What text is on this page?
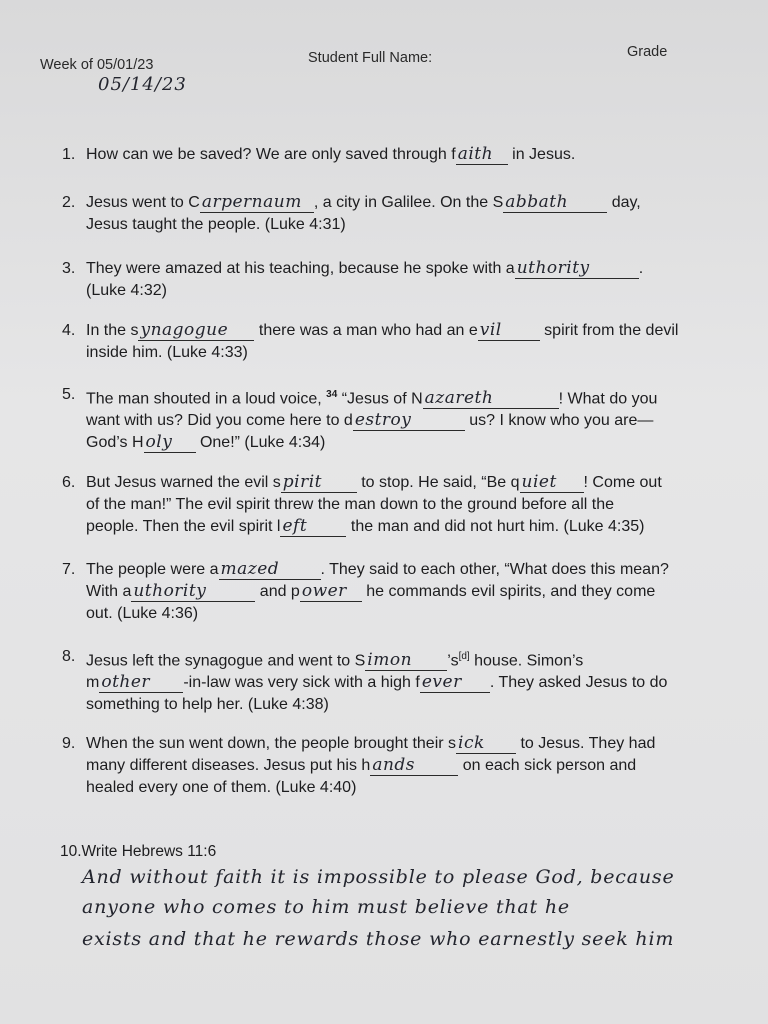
Week of 05/01/23
05/14/23
Student Full Name:	Grade
1. How can we be saved? We are only saved through f aith in Jesus.
2. Jesus went to C arpernaum , a city in Galilee. On the S abbath day,
Jesus taught the people. (Luke 4:31)
3. They were amazed at his teaching, because he spoke with a uthority	.
(Luke 4:32)
4. In the s ynagogue there was a man who had an e vil spirit from the devil
inside him. (Luke 4:33)
5. The man shouted in a loud voice, $^{34}$ “Jesus of N azareth	! What do you
want with us? Did you come here to d estroy	us? I know who you are—
God’s H oly One!” (Luke 4:34)
6. But Jesus warned the evil s pirit to stop. He said, “Be q uiet ! Come out
of the man!” The evil spirit threw the man down to the ground before all the
people. Then the evil spirit l eft the man and did not hurt him. (Luke 4:35)
7. The people were a mazed	. They said to each other, “What does this mean?
With a uthority	and p ower he commands evil spirits, and they come
out. (Luke 4:36)
8. Jesus left the synagogue and went to S imon ’s[d] house. Simon’s
m other -in-law was very sick with a high f ever . They asked Jesus to do
something to help her. (Luke 4:38)
9. When the sun went down, the people brought their s ick to Jesus. They had
many different diseases. Jesus put his h ands	on each sick person and
healed every one of them. (Luke 4:40)
10.Write Hebrews 11:6
And without faith it is impossible to please God, because
anyone who comes to him must believe that he
exists and that he rewards those who earnestly seek him
